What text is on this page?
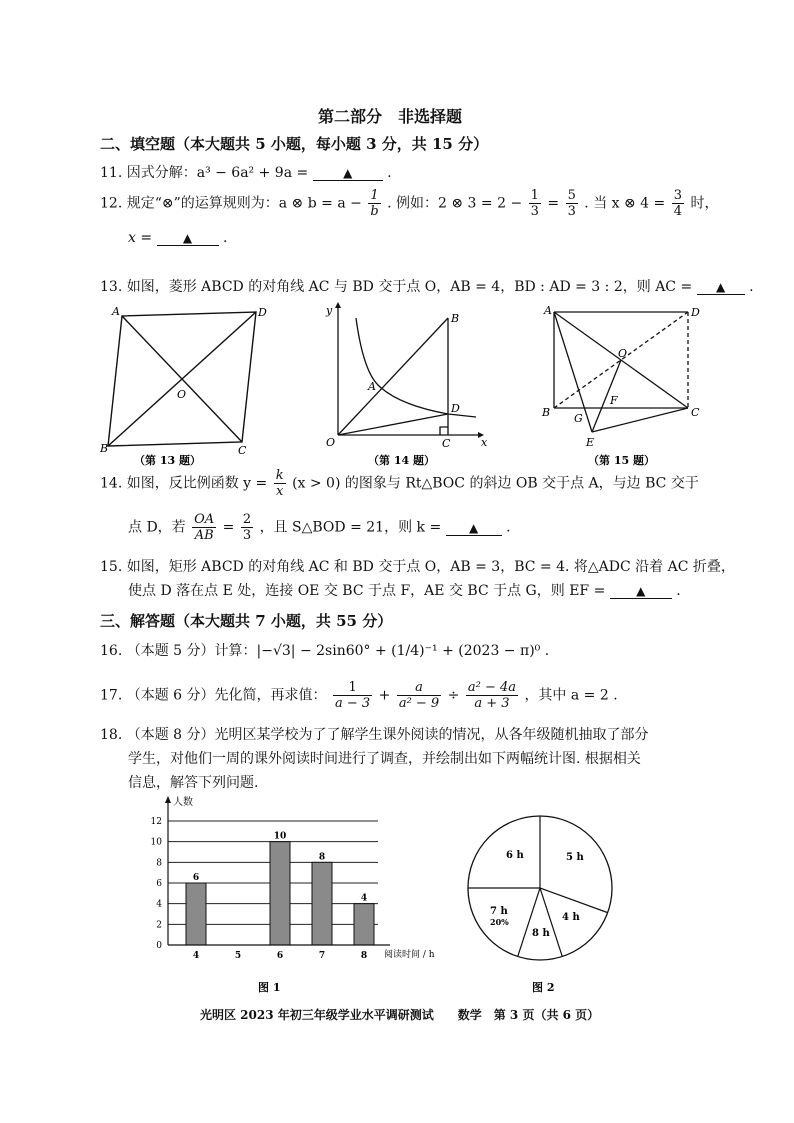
第二部分　非选择题
二、填空题（本大题共 5 小题，每小题 3 分，共 15 分）
11. 因式分解：a³ − 6a² + 9a =	▲ .
12. 规定“⊗”的运算规则为：a ⊗ $b = a - \frac{1}{b}$ . 例如：2 ⊗ $3 = 2 - \frac{1}{3} = \frac{5}{3}$ . 当 x ⊗ $4 = \frac{3}{4}$ 时，
x =	▲ .
13. 如图，菱形 ABCD 的对角线 AC 与 BD 交于点 O，AB = 4，BD : AD = 3 : 2，则 AC = ▲ .
A	D
B	C
O
（第 13 题）
y
x
O
A
B
C
D
（第 14 题）
A	D
B	C
O
E
F
G
（第 15 题）
14. 如图，反比例函数 $y = \frac{k}{x} (x > 0)$ 的图象与 Rt△BOC 的斜边 OB 交于点 A，与边 BC 交于
点 D，若 $\frac{OA}{AB} = \frac{2}{3}$ ，且 S△BOD = 21，则 k = ▲ .
15. 如图，矩形 ABCD 的对角线 AC 和 BD 交于点 O，AB = 3，BC = 4. 将△ADC 沿着 AC 折叠，
使点 D 落在点 E 处，连接 OE 交 BC 于点 F，AE 交 BC 于点 G，则 EF =	▲ .
三、解答题（本大题共 7 小题，共 55 分）
16. （本题 5 分）计算：|−√3| − 2sin60° + (1/4)⁻¹ + (2023 − π)⁰ .
17. （本题 6 分）先化简，再求值： $\frac{1}{a - 3} + \frac{a}{\text{a² − 9}} \div \frac{\text{a² − 4a}}{a + 3}$ ，其中 a = 2 .
18. （本题 8 分）光明区某学校为了了解学生课外阅读的情况，从各年级随机抽取了部分
学生，对他们一周的课外阅读时间进行了调查，并绘制出如下两幅统计图. 根据相关
信息，解答下列问题.
6
10
8
4
0
2
4
6
8
10
12
4	5	6	7	8
人数
阅读时间 / h
图 1
5 h
4 h
8 h
7 h
20%
6 h
图 2
光明区 2023 年初三年级学业水平调研测试　　数学　第 3 页（共 6 页）
